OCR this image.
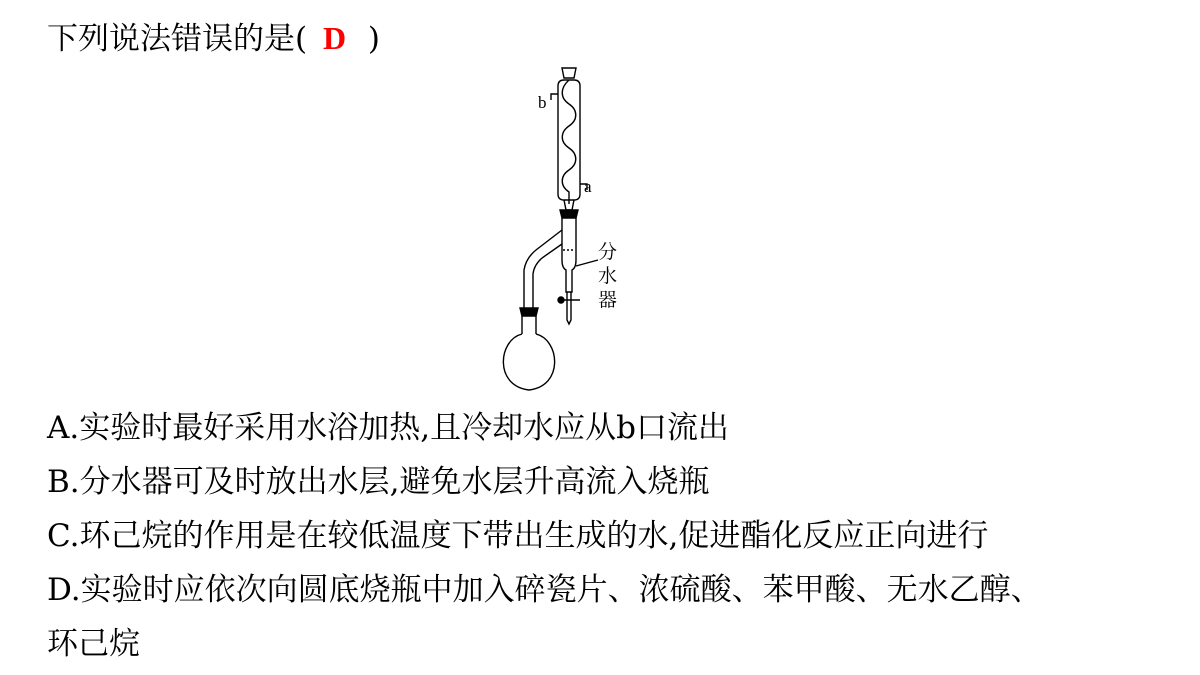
下列说法错误的是( D )
b
a
分
水
器
A.实验时最好采用水浴加热,且冷却水应从b口流出
B.分水器可及时放出水层,避免水层升高流入烧瓶
C.环己烷的作用是在较低温度下带出生成的水,促进酯化反应正向进行
D.实验时应依次向圆底烧瓶中加入碎瓷片、浓硫酸、苯甲酸、无水乙醇、
环己烷
